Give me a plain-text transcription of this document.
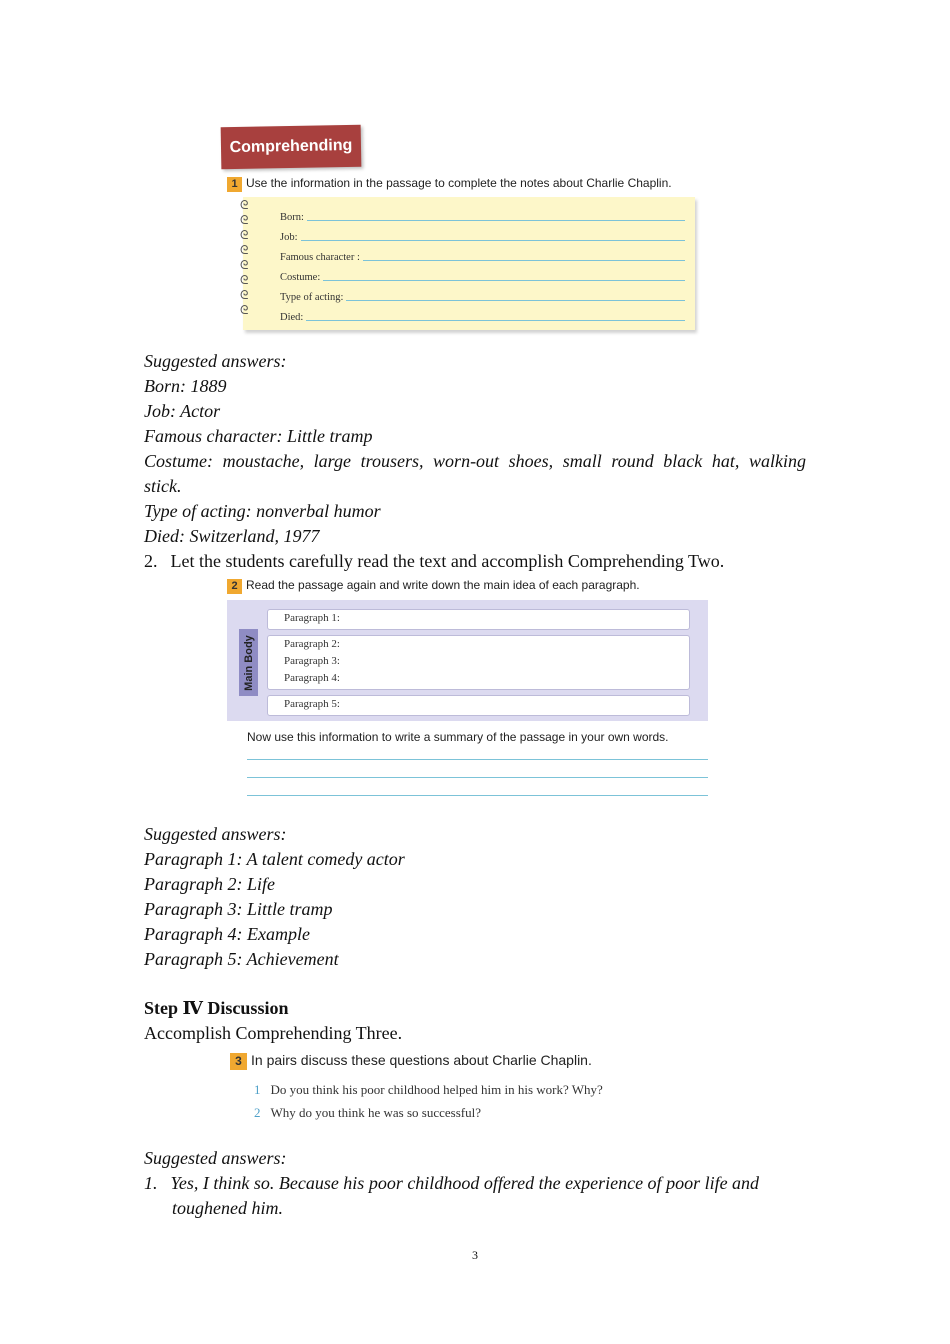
Comprehending
1 Use the information in the passage to complete the notes about Charlie Chaplin.
ᘓ
ᘓ
ᘓ
ᘓ
ᘓ
ᘓ
ᘓ
ᘓ
Born:
Job:
Famous character :
Costume:
Type of acting:
Died:
Suggested answers:
Born: 1889
Job: Actor
Famous character: Little tramp
Costume: moustache, large trousers, worn-out shoes, small round black hat, walking
stick.
Type of acting: nonverbal humor
Died: Switzerland, 1977
2. Let the students carefully read the text and accomplish Comprehending Two.
2 Read the passage again and write down the main idea of each paragraph.
Main Body
Paragraph 1:
Paragraph 2:
Paragraph 3:
Paragraph 4:
Paragraph 5:
Now use this information to write a summary of the passage in your own words.
Suggested answers:
Paragraph 1: A talent comedy actor
Paragraph 2: Life
Paragraph 3: Little tramp
Paragraph 4: Example
Paragraph 5: Achievement
Step Ⅳ Discussion
Accomplish Comprehending Three.
3 In pairs discuss these questions about Charlie Chaplin.
1 Do you think his poor childhood helped him in his work? Why?
2 Why do you think he was so successful?
Suggested answers:
1. Yes, I think so. Because his poor childhood offered the experience of poor life and
toughened him.
3
